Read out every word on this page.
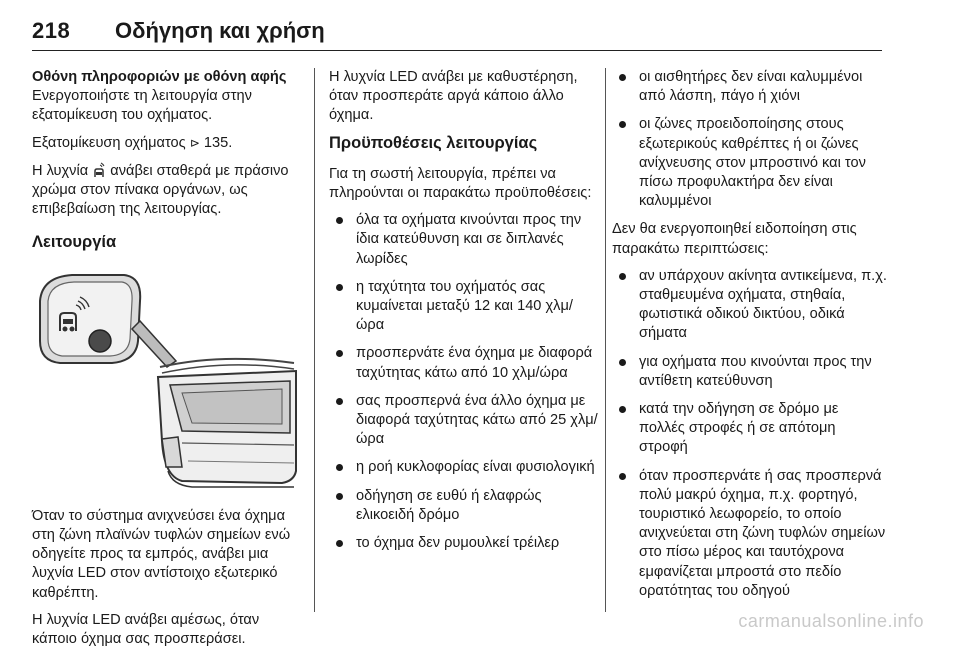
218 Οδήγηση και χρήση
Οθόνη πληροφοριών με οθόνη αφής

Ενεργοποιήστε τη λειτουργία στην εξατομίκευση του οχήματος.

Εξατομίκευση οχήματος ⊳ 135.

Η λυχνία ανάβει σταθερά με πράσινο χρώμα στον πίνακα οργάνων, ως επιβεβαίωση της λειτουργίας.

Λειτουργία

Όταν το σύστημα ανιχνεύσει ένα όχημα στη ζώνη πλαϊνών τυφλών σημείων ενώ οδηγείτε προς τα εμπρός, ανάβει μια λυχνία LED στον αντίστοιχο εξωτερικό καθρέπτη.

Η λυχνία LED ανάβει αμέσως, όταν κάποιο όχημα σας προσπεράσει.

Η λυχνία LED ανάβει με καθυστέρηση, όταν προσπεράτε αργά κάποιο άλλο όχημα.

Προϋποθέσεις λειτουργίας

Για τη σωστή λειτουργία, πρέπει να πληρούνται οι παρακάτω προϋποθέσεις:

όλα τα οχήματα κινούνται προς την ίδια κατεύθυνση και σε διπλανές λωρίδες
η ταχύτητα του οχήματός σας κυμαίνεται μεταξύ 12 και 140 χλμ/ώρα
προσπερνάτε ένα όχημα με διαφορά ταχύτητας κάτω από 10 χλμ/ώρα
σας προσπερνά ένα άλλο όχημα με διαφορά ταχύτητας κάτω από 25 χλμ/ώρα
η ροή κυκλοφορίας είναι φυσιολογική
οδήγηση σε ευθύ ή ελαφρώς ελικοειδή δρόμο
το όχημα δεν ρυμουλκεί τρέιλερ
οι αισθητήρες δεν είναι καλυμμένοι από λάσπη, πάγο ή χιόνι
οι ζώνες προειδοποίησης στους εξωτερικούς καθρέπτες ή οι ζώνες ανίχνευσης στον μπροστινό και τον πίσω προφυλακτήρα δεν είναι καλυμμένοι

Δεν θα ενεργοποιηθεί ειδοποίηση στις παρακάτω περιπτώσεις:

αν υπάρχουν ακίνητα αντικείμενα, π.χ. σταθμευμένα οχήματα, στηθαία, φωτιστικά οδικού δικτύου, οδικά σήματα
για οχήματα που κινούνται προς την αντίθετη κατεύθυνση
κατά την οδήγηση σε δρόμο με πολλές στροφές ή σε απότομη στροφή
όταν προσπερνάτε ή σας προσπερνά πολύ μακρύ όχημα, π.χ. φορτηγό, τουριστικό λεωφορείο, το οποίο ανιχνεύεται στη ζώνη τυφλών σημείων στο πίσω μέρος και ταυτόχρονα εμφανίζεται μπροστά στο πεδίο ορατότητας του οδηγού
carmanualsonline.info
